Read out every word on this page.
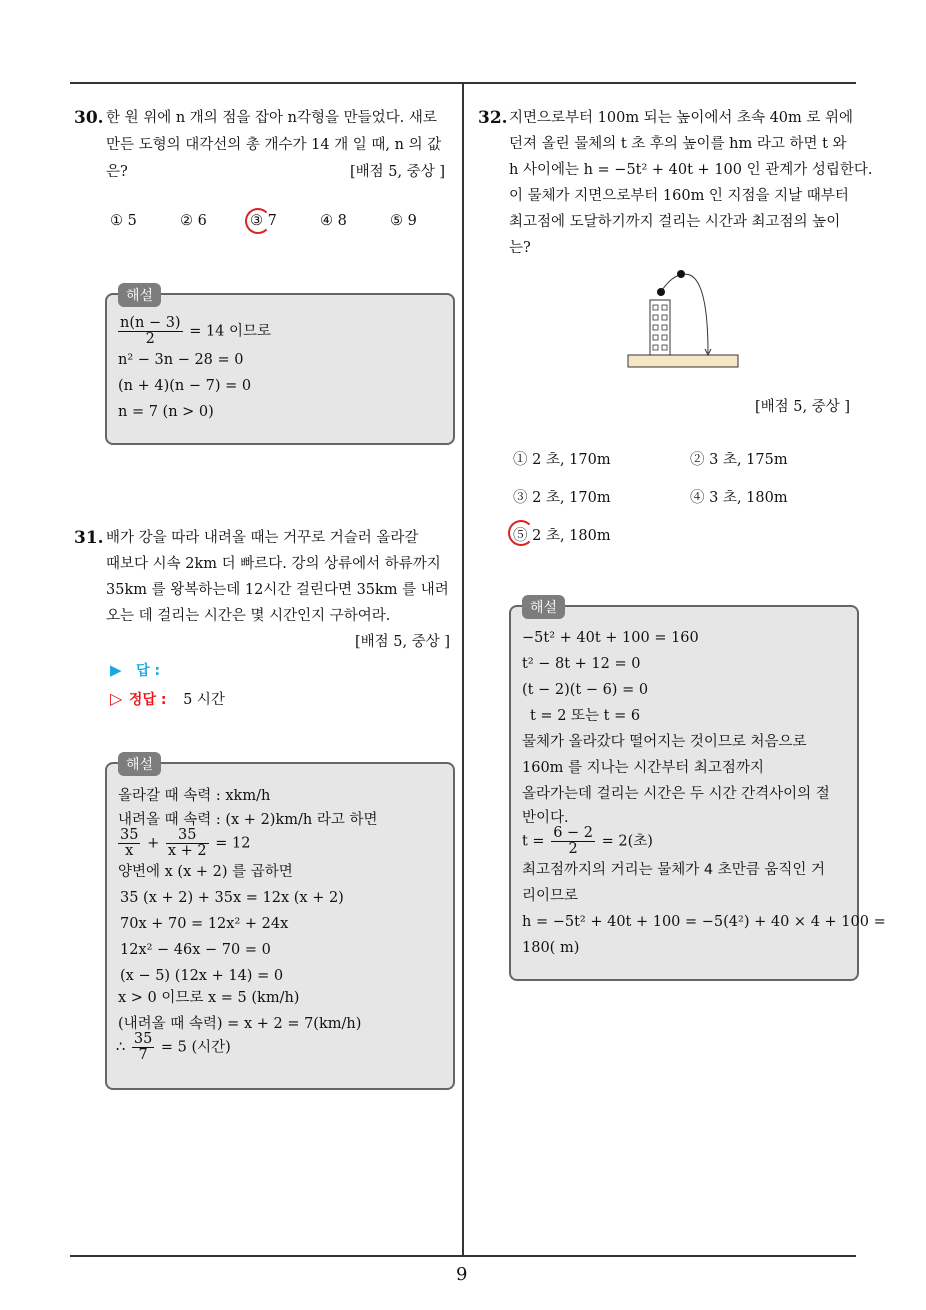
9
30. 한 원 위에 n 개의 점을 잡아 n각형을 만들었다. 새로
만든 도형의 대각선의 총 개수가 14 개 일 때, n 의 값
은?	[배점 5, 중상 ]
① 5	② 6	③ 7	④ 8	⑤ 9
해설
$\frac{n(n - 3)}{2} = 14$ 이므로
n² − 3n − 28 = 0
(n + 4)(n − 7) = 0
n = 7 (n > 0)
31. 배가 강을 따라 내려올 때는 거꾸로 거슬러 올라갈
때보다 시속 2km 더 빠르다. 강의 상류에서 하류까지
35km 를 왕복하는데 12시간 걸린다면 35km 를 내려
오는 데 걸리는 시간은 몇 시간인지 구하여라.
[배점 5, 중상 ]
▶ 답 :
▷ 정답 : 5 시간
해설
올라갈 때 속력 : xkm/h
내려올 때 속력 : (x + 2)km/h 라고 하면
$\frac{35}{x} + \frac{35}{x + 2} = 12$
양변에 x (x + 2) 를 곱하면
35 (x + 2) + 35x = 12x (x + 2)
70x + 70 = 12x² + 24x
12x² − 46x − 70 = 0
(x − 5) (12x + 14) = 0
x > 0 이므로 x = 5 (km/h)
(내려올 때 속력) = x + 2 = 7(km/h)
∴ $\frac{35}{7} = 5$ (시간)
32. 지면으로부터 100m 되는 높이에서 초속 40m 로 위에
던져 올린 물체의 t 초 후의 높이를 hm 라고 하면 t 와
h 사이에는 h = −5t² + 40t + 100 인 관계가 성립한다.
이 물체가 지면으로부터 160m 인 지점을 지날 때부터
최고점에 도달하기까지 걸리는 시간과 최고점의 높이
는?
[배점 5, 중상 ]
① 2 초, 170m	② 3 초, 175m
③ 2 초, 170m	④ 3 초, 180m
⑤ 2 초, 180m
해설
−5t² + 40t + 100 = 160
t² − 8t + 12 = 0
(t − 2)(t − 6) = 0
t = 2 또는 t = 6
물체가 올라갔다 떨어지는 것이므로 처음으로
160m 를 지나는 시간부터 최고점까지
올라가는데 걸리는 시간은 두 시간 간격사이의 절
반이다.
$t = \frac{6 - 2}{2} = 2$(초)
최고점까지의 거리는 물체가 4 초만큼 움직인 거
리이므로
h = −5t² + 40t + 100 = −5(4²) + 40 × 4 + 100 =
180( m)
